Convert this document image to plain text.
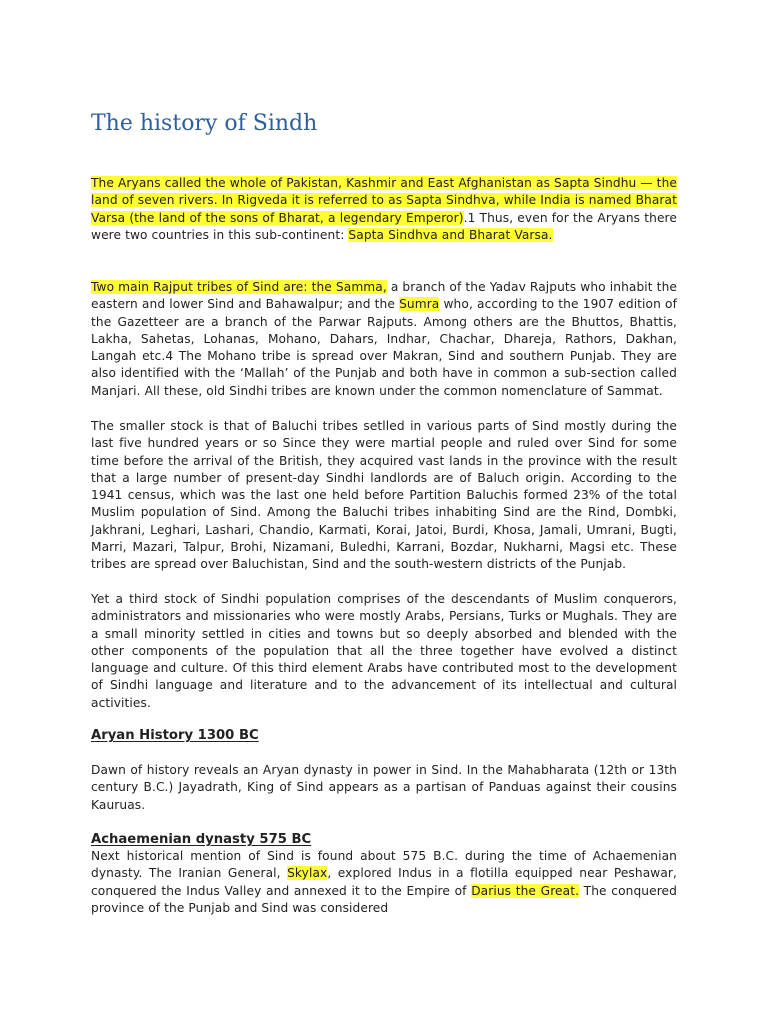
The history of Sindh

The Aryans called the whole of Pakistan, Kashmir and East Afghanistan as Sapta Sindhu — the land of seven rivers. In Rigveda it is referred to as Sapta Sindhva, while India is named Bharat Varsa (the land of the sons of Bharat, a legendary Emperor).1 Thus, even for the Aryans there were two countries in this sub-continent: Sapta Sindhva and Bharat Varsa.

Two main Rajput tribes of Sind are: the Samma, a branch of the Yadav Rajputs who inhabit the eastern and lower Sind and Bahawalpur; and the Sumra who, according to the 1907 edition of the Gazetteer are a branch of the Parwar Rajputs. Among others are the Bhuttos, Bhattis, Lakha, Sahetas, Lohanas, Mohano, Dahars, Indhar, Chachar, Dhareja, Rathors, Dakhan, Langah etc.4 The Mohano tribe is spread over Makran, Sind and southern Punjab. They are also identified with the ‘Mallah’ of the Punjab and both have in common a sub-section called Manjari. All these, old Sindhi tribes are known under the common nomenclature of Sammat.

The smaller stock is that of Baluchi tribes setlled in various parts of Sind mostly during the last five hundred years or so Since they were martial people and ruled over Sind for some time before the arrival of the British, they acquired vast lands in the province with the result that a large number of present-day Sindhi landlords are of Baluch origin. According to the 1941 census, which was the last one held before Partition Baluchis formed 23% of the total Muslim population of Sind. Among the Baluchi tribes inhabiting Sind are the Rind, Dombki, Jakhrani, Leghari, Lashari, Chandio, Karmati, Korai, Jatoi, Burdi, Khosa, Jamali, Umrani, Bugti, Marri, Mazari, Talpur, Brohi, Nizamani, Buledhi, Karrani, Bozdar, Nukharni, Magsi etc. These tribes are spread over Baluchistan, Sind and the south-western districts of the Punjab.

Yet a third stock of Sindhi population comprises of the descendants of Muslim conquerors, administrators and missionaries who were mostly Arabs, Persians, Turks or Mughals. They are a small minority settled in cities and towns but so deeply absorbed and blended with the other components of the population that all the three together have evolved a distinct language and culture. Of this third element Arabs have contributed most to the development of Sindhi language and literature and to the advancement of its intellectual and cultural activities.

Aryan History 1300 BC

Dawn of history reveals an Aryan dynasty in power in Sind. In the Mahabharata (12th or 13th century B.C.) Jayadrath, King of Sind appears as a partisan of Panduas against their cousins Kauruas.

Achaemenian dynasty 575 BC

Next historical mention of Sind is found about 575 B.C. during the time of Achaemenian dynasty. The Iranian General, Skylax, explored Indus in a flotilla equipped near Peshawar, conquered the Indus Valley and annexed it to the Empire of Darius the Great. The conquered province of the Punjab and Sind was considered
